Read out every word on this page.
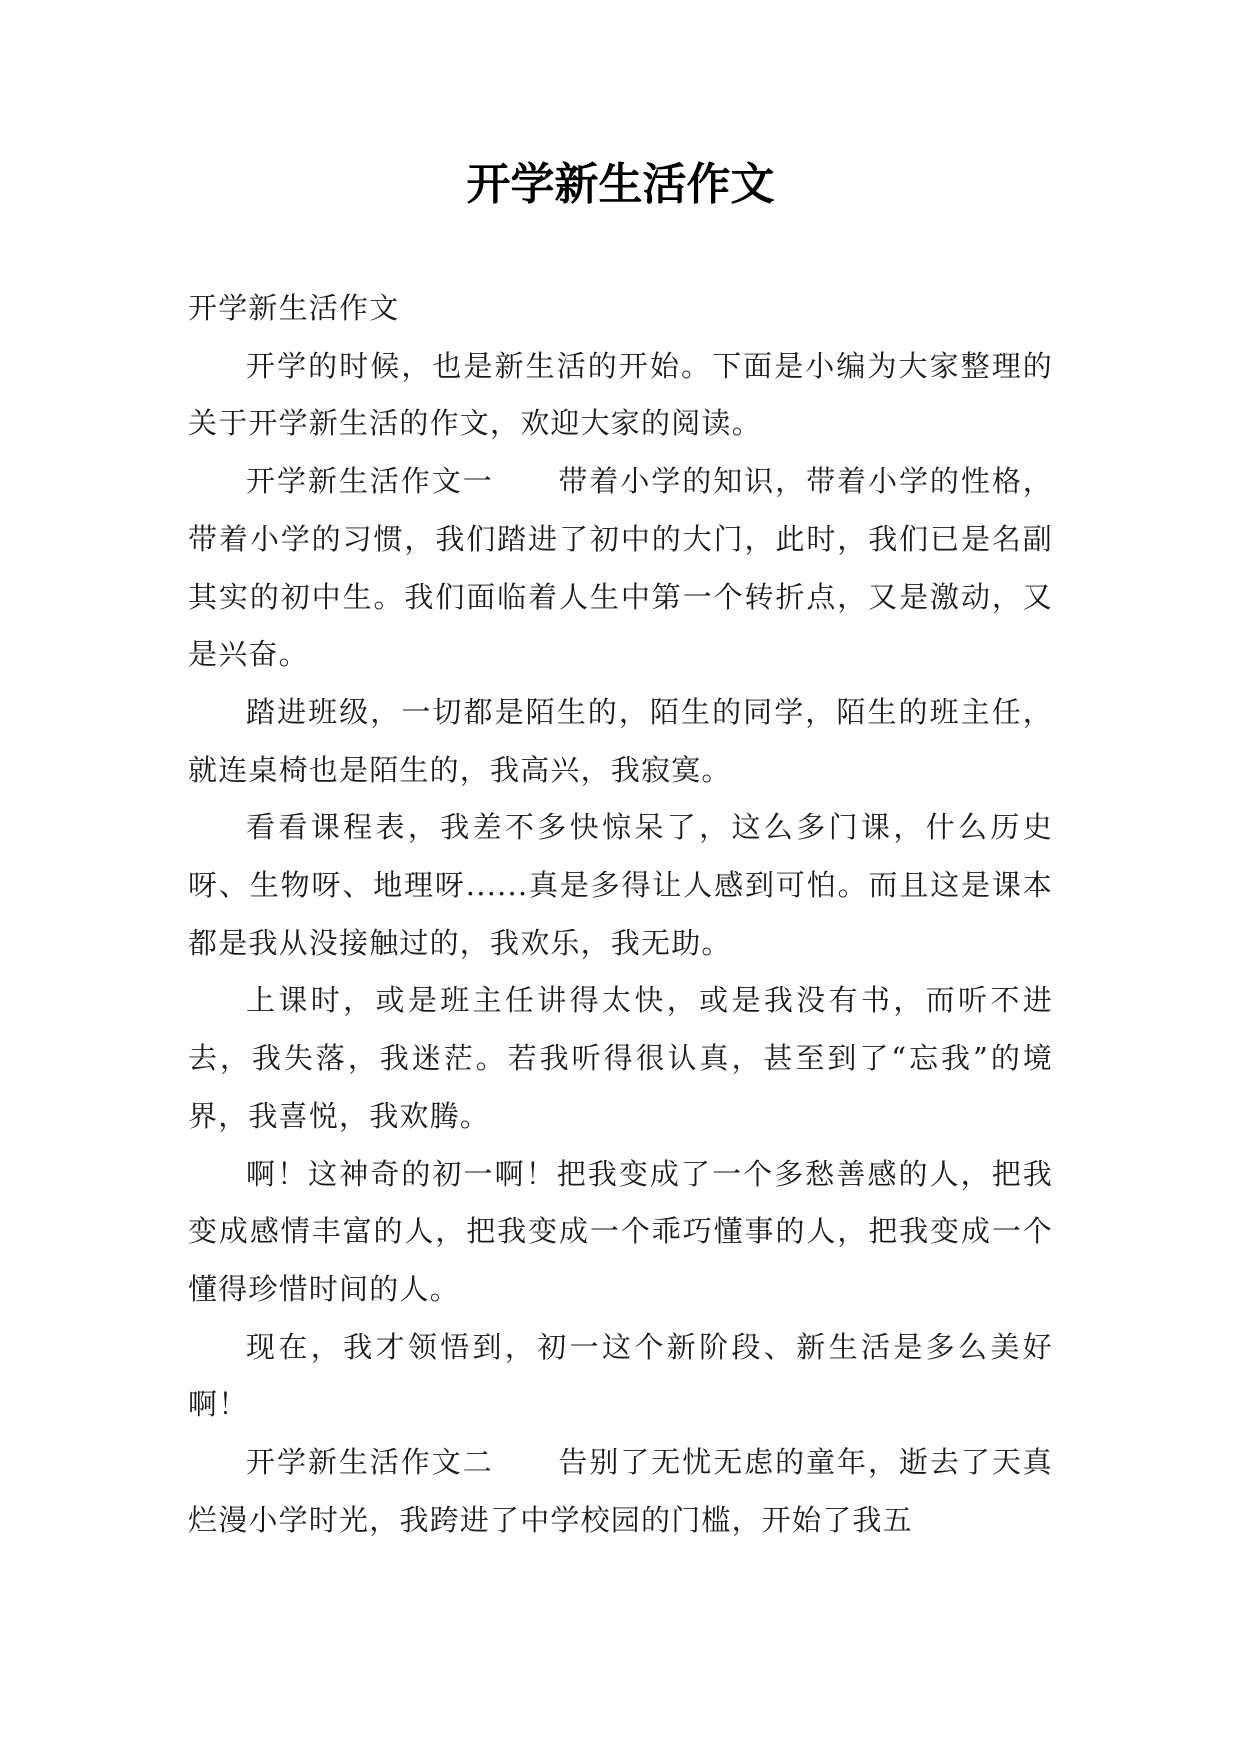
开学新生活作文

开学新生活作文

开学的时候，也是新生活的开始。下面是小编为大家整理的关于开学新生活的作文，欢迎大家的阅读。

开学新生活作文一 带着小学的知识，带着小学的性格，带着小学的习惯，我们踏进了初中的大门，此时，我们已是名副其实的初中生。我们面临着人生中第一个转折点，又是激动，又是兴奋。

踏进班级，一切都是陌生的，陌生的同学，陌生的班主任，就连桌椅也是陌生的，我高兴，我寂寞。

看看课程表，我差不多快惊呆了，这么多门课，什么历史呀、生物呀、地理呀......真是多得让人感到可怕。而且这是课本都是我从没接触过的，我欢乐，我无助。

上课时，或是班主任讲得太快，或是我没有书，而听不进去，我失落，我迷茫。若我听得很认真，甚至到了“忘我”的境界，我喜悦，我欢腾。

啊！这神奇的初一啊！把我变成了一个多愁善感的人，把我变成感情丰富的人，把我变成一个乖巧懂事的人，把我变成一个懂得珍惜时间的人。

现在，我才领悟到，初一这个新阶段、新生活是多么美好啊！

开学新生活作文二 告别了无忧无虑的童年，逝去了天真烂漫小学时光，我跨进了中学校园的门槛，开始了我五
